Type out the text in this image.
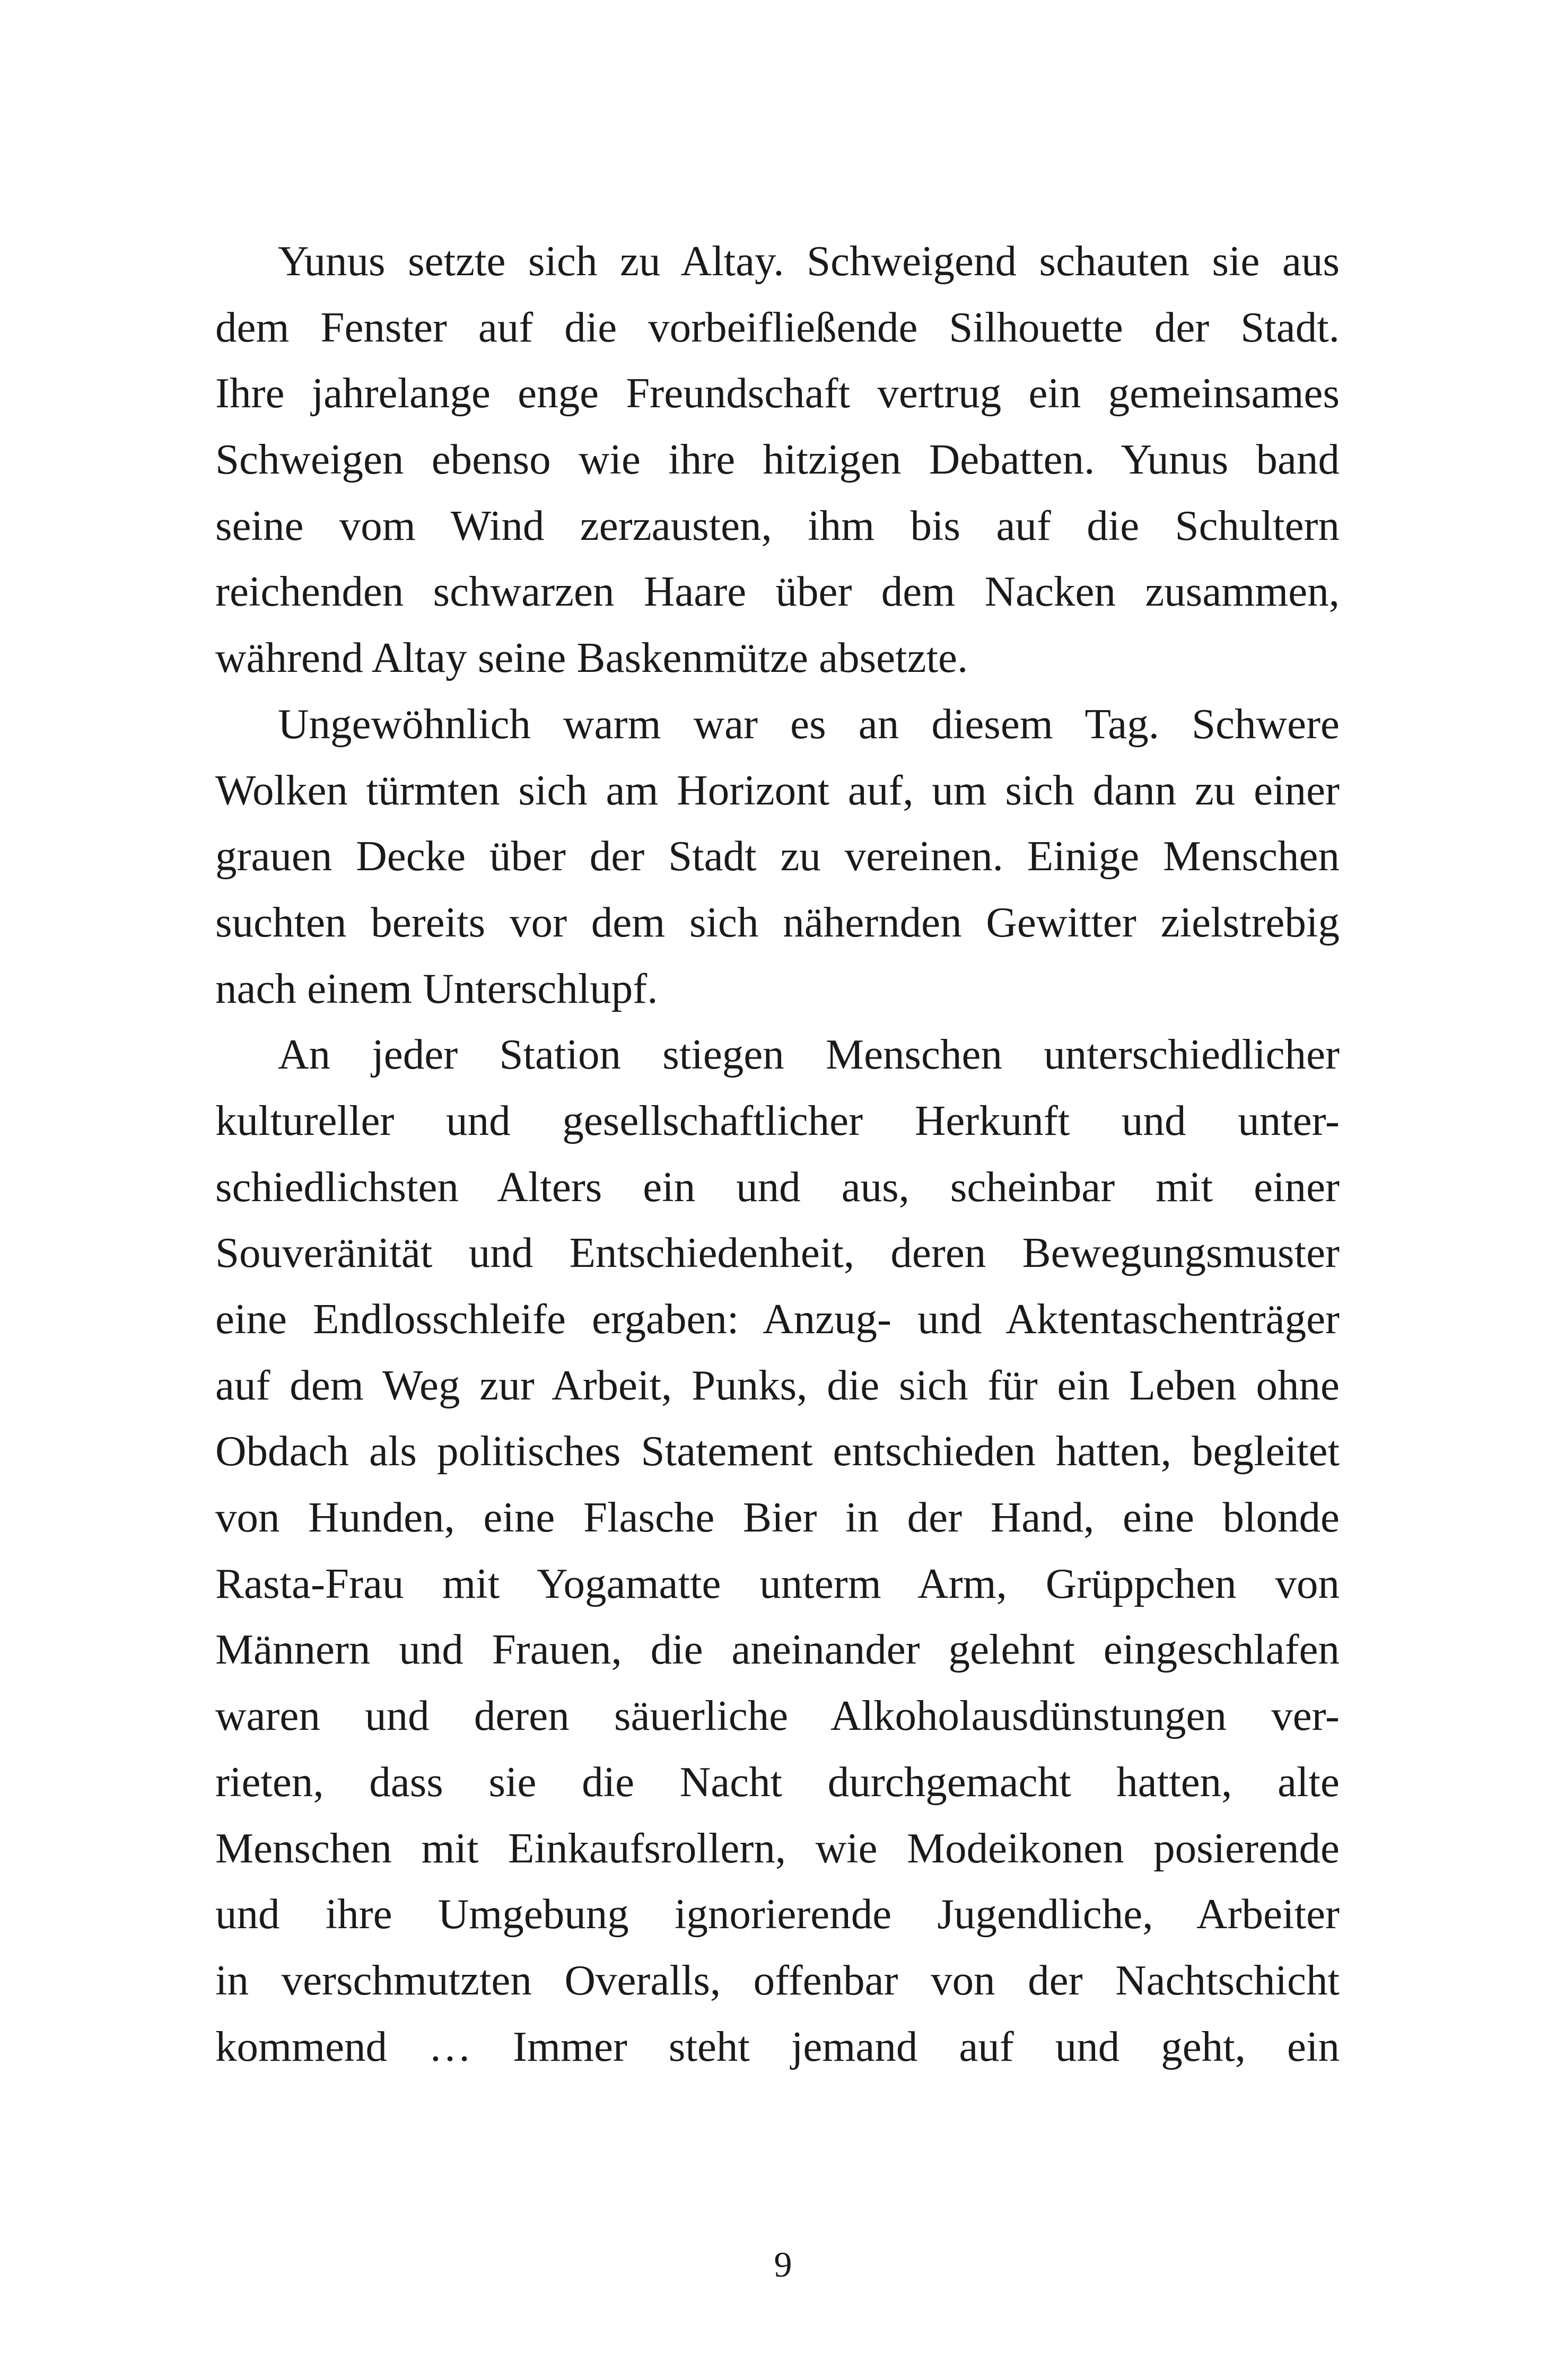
Yunus setzte sich zu Altay. Schweigend schauten sie aus
dem Fenster auf die vorbeifließende Silhouette der Stadt.
Ihre jahrelange enge Freundschaft vertrug ein gemeinsames
Schweigen ebenso wie ihre hitzigen Debatten. Yunus band
seine vom Wind zerzausten, ihm bis auf die Schultern
reichenden schwarzen Haare über dem Nacken zusammen,
während Altay seine Baskenmütze absetzte.
Ungewöhnlich warm war es an diesem Tag. Schwere
Wolken türmten sich am Horizont auf, um sich dann zu einer
grauen Decke über der Stadt zu vereinen. Einige Menschen
suchten bereits vor dem sich nähernden Gewitter zielstrebig
nach einem Unterschlupf.
An jeder Station stiegen Menschen unterschiedlicher
kultureller und gesellschaftlicher Herkunft und unter-
schiedlichsten Alters ein und aus, scheinbar mit einer
Souveränität und Entschiedenheit, deren Bewegungsmuster
eine Endlosschleife ergaben: Anzug- und Aktentaschenträger
auf dem Weg zur Arbeit, Punks, die sich für ein Leben ohne
Obdach als politisches Statement entschieden hatten, begleitet
von Hunden, eine Flasche Bier in der Hand, eine blonde
Rasta-Frau mit Yogamatte unterm Arm, Grüppchen von
Männern und Frauen, die aneinander gelehnt eingeschlafen
waren und deren säuerliche Alkoholausdünstungen ver-
rieten, dass sie die Nacht durchgemacht hatten, alte
Menschen mit Einkaufsrollern, wie Modeikonen posierende
und ihre Umgebung ignorierende Jugendliche, Arbeiter
in verschmutzten Overalls, offenbar von der Nachtschicht
kommend … Immer steht jemand auf und geht, ein
9
